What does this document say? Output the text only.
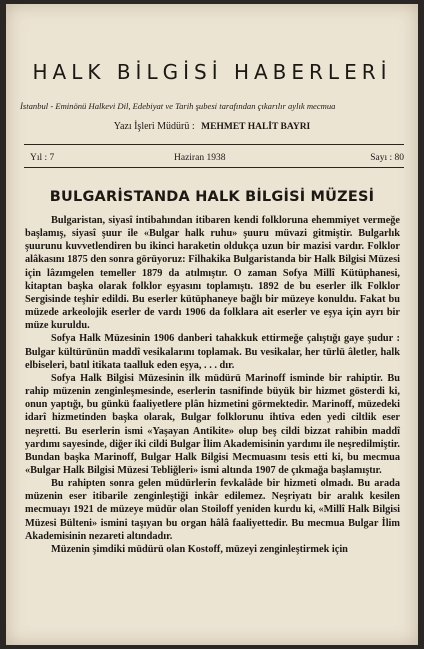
HALK BİLGİSİ HABERLERİ
İstanbul - Eminönü Halkevi Dil, Edebiyat ve Tarih şubesi tarafından çıkarılır aylık mecmua
Yazı İşleri Müdürü : MEHMET HALİT BAYRI
Yıl : 7	Haziran 1938	Sayı : 80
BULGARİSTANDA HALK BİLGİSİ MÜZESİ

Bulgaristan, siyasî intibahından itibaren kendi folkloruna ehemmiyet vermeğe başlamış, siyasî şuur ile «Bulgar halk ruhu» şuuru müvazi gitmiştir. Bulgarlık şuurunu kuvvetlendiren bu ikinci haraketin oldukça uzun bir mazisi vardır. Folklor alâkasını 1875 den sonra görüyoruz: Filhakika Bulgaristanda bir Halk Bilgisi Müzesi için lâzımgelen temeller 1879 da atılmıştır. O zaman Sofya Millî Kütüphanesi, kitaptan başka olarak folklor eşyasını toplamıştı. 1892 de bu eserler ilk Folklor Sergisinde teşhir edildi. Bu eserler kütüphaneye bağlı bir müzeye konuldu. Fakat bu müzede arkeolojik eserler de vardı 1906 da folklara ait eserler ve eşya için ayrı bir müze kuruldu.

Sofya Halk Müzesinin 1906 danberi tahakkuk ettirmeğe çalıştığı gaye şudur : Bulgar kültürünün maddî vesikalarını toplamak. Bu vesikalar, her türlü âletler, halk elbiseleri, batıl itikata taalluk eden eşya, . . . dır.

Sofya Halk Bilgisi Müzesinin ilk müdürü Marinoff isminde bir rahiptir. Bu rahip müzenin zenginleşmesinde, eserlerin tasnifinde büyük bir hizmet gösterdi ki, onun yaptığı, bu günkü faaliyetlere plân hizmetini görmektedir. Marinoff, müzedeki idarî hizmetinden başka olarak, Bulgar folklorunu ihtiva eden yedi ciltlik eser neşretti. Bu eserlerin ismi «Yaşayan Antikite» olup beş cildi bizzat rahibin maddî yardımı sayesinde, diğer iki cildi Bulgar İlim Akademisinin yardımı ile neşredilmiştir. Bundan başka Marinoff, Bulgar Halk Bilgisi Mecmuasını tesis etti ki, bu mecmua «Bulgar Halk Bilgisi Müzesi Tebliğleri» ismi altında 1907 de çıkmağa başlamıştır.

Bu rahipten sonra gelen müdürlerin fevkalâde bir hizmeti olmadı. Bu arada müzenin eser itibarile zenginleştiği inkâr edilemez. Neşriyatı bir aralık kesilen mecmuayı 1921 de müzeye müdür olan Stoiloff yeniden kurdu ki, «Millî Halk Bilgisi Müzesi Bülteni» ismini taşıyan bu organ hâlâ faaliyettedir. Bu mecmua Bulgar İlim Akademisinin nezareti altındadır.

Müzenin şimdiki müdürü olan Kostoff, müzeyi zenginleştirmek için
